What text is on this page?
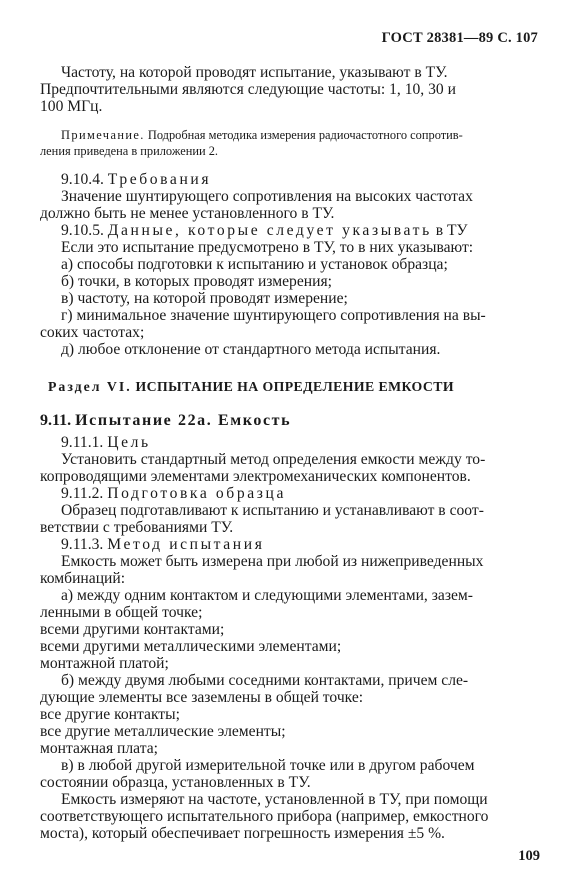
ГОСТ 28381—89 С. 107
Частоту, на которой проводят испытание, указывают в ТУ.
Предпочтительными являются следующие частоты: 1, 10, 30 и
100 МГц.
Примечание. Подробная методика измерения радиочастотного сопротив-
ления приведена в приложении 2.
9.10.4. Требования
Значение шунтирующего сопротивления на высоких частотах
должно быть не менее установленного в ТУ.
9.10.5. Данные, которые следует указывать в ТУ
Если это испытание предусмотрено в ТУ, то в них указывают:
а) способы подготовки к испытанию и установок образца;
б) точки, в которых проводят измерения;
в) частоту, на которой проводят измерение;
г) минимальное значение шунтирующего сопротивления на вы-
соких частотах;
д) любое отклонение от стандартного метода испытания.
Раздел VI. ИСПЫТАНИЕ НА ОПРЕДЕЛЕНИЕ ЕМКОСТИ
9.11. Испытание 22а. Емкость
9.11.1. Цель
Установить стандартный метод определения емкости между то-
копроводящими элементами электромеханических компонентов.
9.11.2. Подготовка образца
Образец подготавливают к испытанию и устанавливают в соот-
ветствии с требованиями ТУ.
9.11.3. Метод испытания
Емкость может быть измерена при любой из нижеприведенных
комбинаций:
а) между одним контактом и следующими элементами, зазем-
ленными в общей точке;
всеми другими контактами;
всеми другими металлическими элементами;
монтажной платой;
б) между двумя любыми соседними контактами, причем сле-
дующие элементы все заземлены в общей точке:
все другие контакты;
все другие металлические элементы;
монтажная плата;
в) в любой другой измерительной точке или в другом рабочем
состоянии образца, установленных в ТУ.
Емкость измеряют на частоте, установленной в ТУ, при помощи
соответствующего испытательного прибора (например, емкостного
моста), который обеспечивает погрешность измерения ±5 %.
109
